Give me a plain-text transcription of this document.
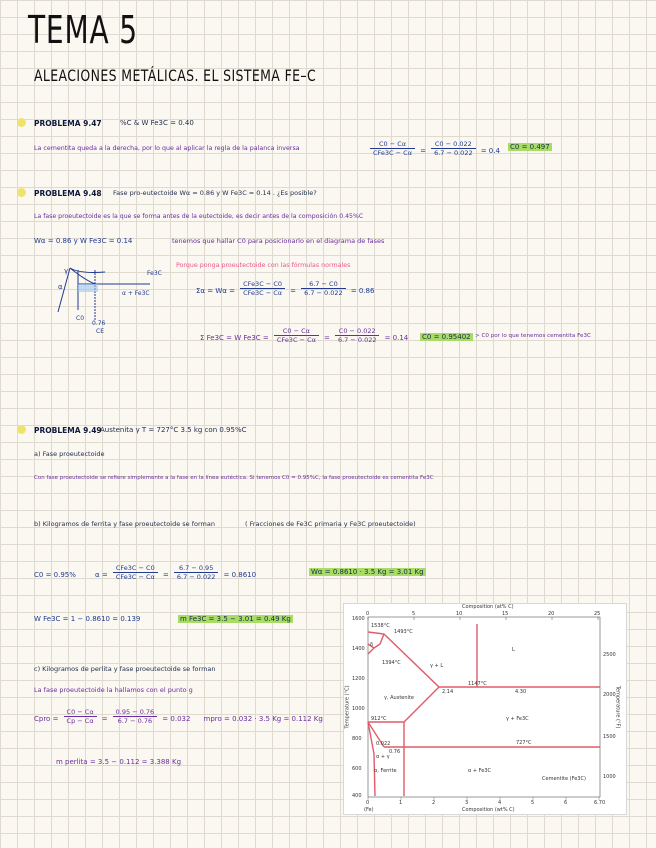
TEMA 5
ALEACIONES METÁLICAS. EL SISTEMA FE–C
PROBLEMA 9.47	%C & W Fe3C = 0.40
La cementita queda a la derecha, por lo que al aplicar la regla de la palanca inversa	$\frac{C0 - C\alpha}{\text{CFe3C − Cα}} = \frac{C0 - 0.022}{6.7 - 0.022} = 0.4$ C0 = 0.497
PROBLEMA 9.48 Fase pro-eutectoide Wα = 0.86 y W Fe3C = 0.14 . ¿Es posible?
La fase proeutectoide es la que se forma antes de la eutectoide, es decir antes de la composición 0.45%C
Wα = 0.86 y W Fe3C = 0.14	tenemos que hallar C0 para posicionarlo en el diagrama de fases
Porque ponga proeutectoide con las fórmulas normales
γ
α
Fe3C
α + Fe3C
C0
0.76
CE
$\Sigma\alpha = W\alpha = \frac{\text{CFe3C − C0}}{\text{CFe3C − Cα}} = \frac{6.7 - C0}{6.7 - 0.022} = 0.86$
Σ Fe3C = W $Fe3C = \frac{C0 - C\alpha}{\text{CFe3C − Cα}} = \frac{C0 - 0.022}{6.7 - 0.022} = 0.14$ C0 = 0.95402 > C0 por lo que tenemos cementita Fe3C
PROBLEMA 9.49
Austenita γ T = 727°C 3.5 kg con 0.95%C
a) Fase proeutectoide
Con fase proeutectoide se refiere simplemente a la fase en la línea eutéctica. Si tenemos C0 = 0.95%C, la fase proeutectoide es cementita Fe3C
b) Kilogramos de ferrita y fase proeutectoide se forman	( Fracciones de Fe3C primaria y Fe3C proeutectoide)
C0 = 0.95%	$\alpha = \frac{\text{CFe3C − C0}}{\text{CFe3C − Cα}} = \frac{6.7 - 0.95}{6.7 - 0.022} = 0.8610$	Wα = 0.8610 · 3.5 Kg = 3.01 Kg
W Fe3C = 1 − 0.8610 = 0.139	m Fe3C = 3.5 − 3.01 = 0.49 Kg
c) Kilogramos de perlita y fase proeutectoide se forman
La fase proeutectoide la hallamos con el punto g
Cpro = $\frac{C0 - C\alpha}{Cp - C\alpha} = \frac{0.95 - 0.76}{6.7 - 0.76} = 0.032$ mpro = 0.032 · 3.5 Kg = 0.112 Kg
m perlita = 3.5 − 0.112 = 3.388 Kg
Composition (at% C)
Composition (wt% C)
Temperature (°C)	Temperature (°F)
0	5	10	15	20	25
0	1	2	3	4	5	6	6.70
(Fe)
1600
1400
1200
1000
800
600
400
2500
2000
1500
1000
1538°C
1493°C
1394°C
1147°C
912°C
727°C
δ
γ + L
L
γ, Austenite
γ + Fe3C
α + γ
α, Ferrite	α + Fe3C
Cementite (Fe3C)
2.14	4.30
0.76
0.022
